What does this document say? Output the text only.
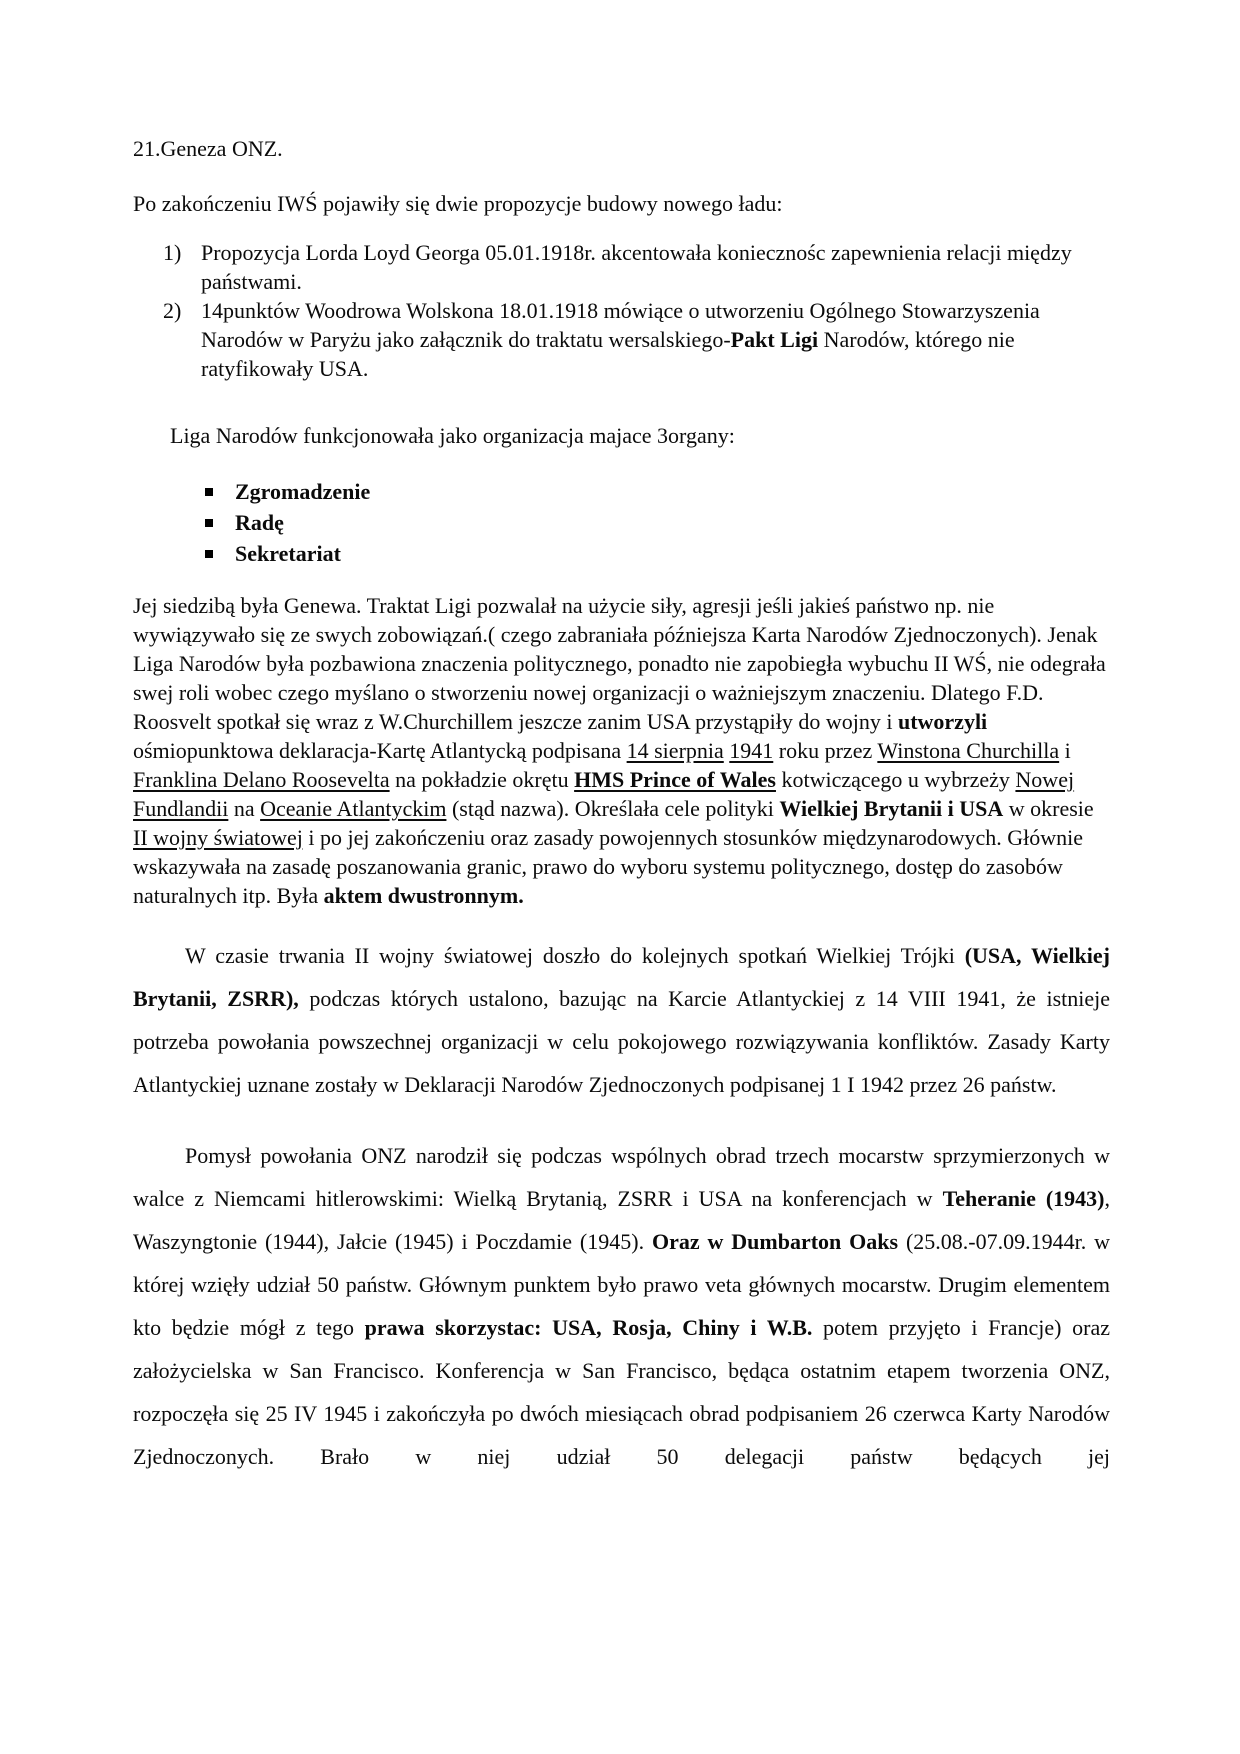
21.Geneza ONZ.

Po zakończeniu IWŚ pojawiły się dwie propozycje budowy nowego ładu:

1) Propozycja Lorda Loyd Georga 05.01.1918r. akcentowała koniecznośc zapewnienia relacji między państwami.
2) 14punktów Woodrowa Wolskona 18.01.1918 mówiące o utworzeniu Ogólnego Stowarzyszenia Narodów w Paryżu jako załącznik do traktatu wersalskiego-Pakt Ligi Narodów, którego nie ratyfikowały USA.

Liga Narodów funkcjonowała jako organizacja majace 3organy:

Zgromadzenie
Radę
Sekretariat

Jej siedzibą była Genewa. Traktat Ligi pozwalał na użycie siły, agresji jeśli jakieś państwo np. nie wywiązywało się ze swych zobowiązań.( czego zabraniała późniejsza Karta Narodów Zjednoczonych). Jenak Liga Narodów była pozbawiona znaczenia politycznego, ponadto nie zapobiegła wybuchu II WŚ, nie odegrała swej roli wobec czego myślano o stworzeniu nowej organizacji o ważniejszym znaczeniu. Dlatego F.D. Roosvelt spotkał się wraz z W.Churchillem jeszcze zanim USA przystąpiły do wojny i utworzyli ośmiopunktowa deklaracja-Kartę Atlantycką podpisana 14 sierpnia 1941 roku przez Winstona Churchilla i Franklina Delano Roosevelta na pokładzie okrętu HMS Prince of Wales kotwiczącego u wybrzeży Nowej Fundlandii na Oceanie Atlantyckim (stąd nazwa). Określała cele polityki Wielkiej Brytanii i USA w okresie II wojny światowej i po jej zakończeniu oraz zasady powojennych stosunków międzynarodowych. Głównie wskazywała na zasadę poszanowania granic, prawo do wyboru systemu politycznego, dostęp do zasobów naturalnych itp. Była aktem dwustronnym.

W czasie trwania II wojny światowej doszło do kolejnych spotkań Wielkiej Trójki (USA, Wielkiej Brytanii, ZSRR), podczas których ustalono, bazując na Karcie Atlantyckiej z 14 VIII 1941, że istnieje potrzeba powołania powszechnej organizacji w celu pokojowego rozwiązywania konfliktów. Zasady Karty Atlantyckiej uznane zostały w Deklaracji Narodów Zjednoczonych podpisanej 1 I 1942 przez 26 państw.

Pomysł powołania ONZ narodził się podczas wspólnych obrad trzech mocarstw sprzymierzonych w walce z Niemcami hitlerowskimi: Wielką Brytanią, ZSRR i USA na konferencjach w Teheranie (1943), Waszyngtonie (1944), Jałcie (1945) i Poczdamie (1945). Oraz w Dumbarton Oaks (25.08.-07.09.1944r. w której wzięły udział 50 państw. Głównym punktem było prawo veta głównych mocarstw. Drugim elementem kto będzie mógł z tego prawa skorzystac: USA, Rosja, Chiny i W.B. potem przyjęto i Francje) oraz założycielska w San Francisco. Konferencja w San Francisco, będąca ostatnim etapem tworzenia ONZ, rozpoczęła się 25 IV 1945 i zakończyła po dwóch miesiącach obrad podpisaniem 26 czerwca Karty Narodów Zjednoczonych. Brało w niej udział 50 delegacji państw będących jej
